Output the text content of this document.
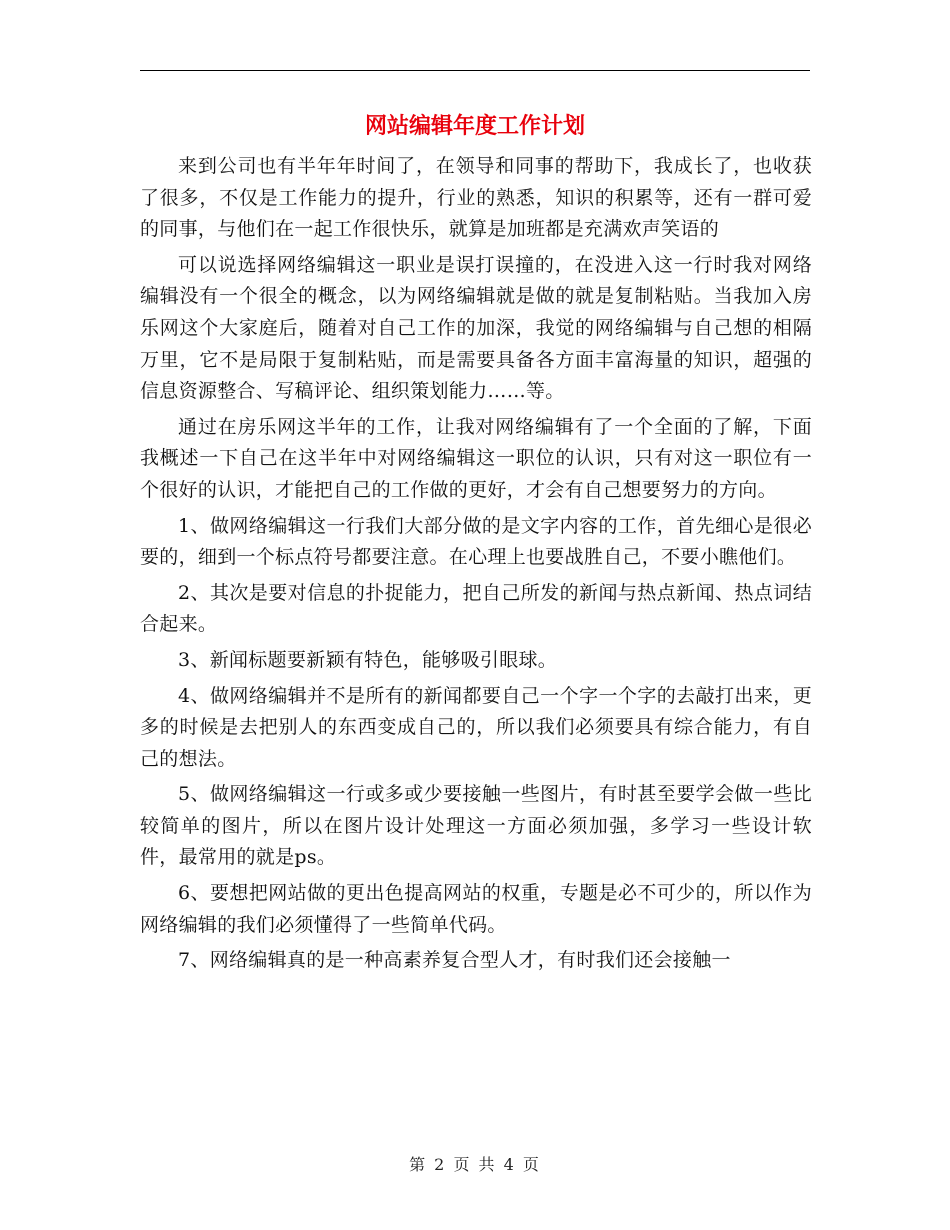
网站编辑年度工作计划

来到公司也有半年年时间了，在领导和同事的帮助下，我成长了，也收获了很多，不仅是工作能力的提升，行业的熟悉，知识的积累等，还有一群可爱的同事，与他们在一起工作很快乐，就算是加班都是充满欢声笑语的

可以说选择网络编辑这一职业是误打误撞的，在没进入这一行时我对网络编辑没有一个很全的概念，以为网络编辑就是做的就是复制粘贴。当我加入房乐网这个大家庭后，随着对自己工作的加深，我觉的网络编辑与自己想的相隔万里，它不是局限于复制粘贴，而是需要具备各方面丰富海量的知识，超强的信息资源整合、写稿评论、组织策划能力……等。

通过在房乐网这半年的工作，让我对网络编辑有了一个全面的了解，下面我概述一下自己在这半年中对网络编辑这一职位的认识，只有对这一职位有一个很好的认识，才能把自己的工作做的更好，才会有自己想要努力的方向。

1、做网络编辑这一行我们大部分做的是文字内容的工作，首先细心是很必要的，细到一个标点符号都要注意。在心理上也要战胜自己，不要小瞧他们。

2、其次是要对信息的扑捉能力，把自己所发的新闻与热点新闻、热点词结合起来。

3、新闻标题要新颖有特色，能够吸引眼球。

4、做网络编辑并不是所有的新闻都要自己一个字一个字的去敲打出来，更多的时候是去把别人的东西变成自己的，所以我们必须要具有综合能力，有自己的想法。

5、做网络编辑这一行或多或少要接触一些图片，有时甚至要学会做一些比较简单的图片，所以在图片设计处理这一方面必须加强，多学习一些设计软件，最常用的就是ps。

6、要想把网站做的更出色提高网站的权重，专题是必不可少的，所以作为网络编辑的我们必须懂得了一些简单代码。

7、网络编辑真的是一种高素养复合型人才，有时我们还会接触一

第 2 页 共 4 页
